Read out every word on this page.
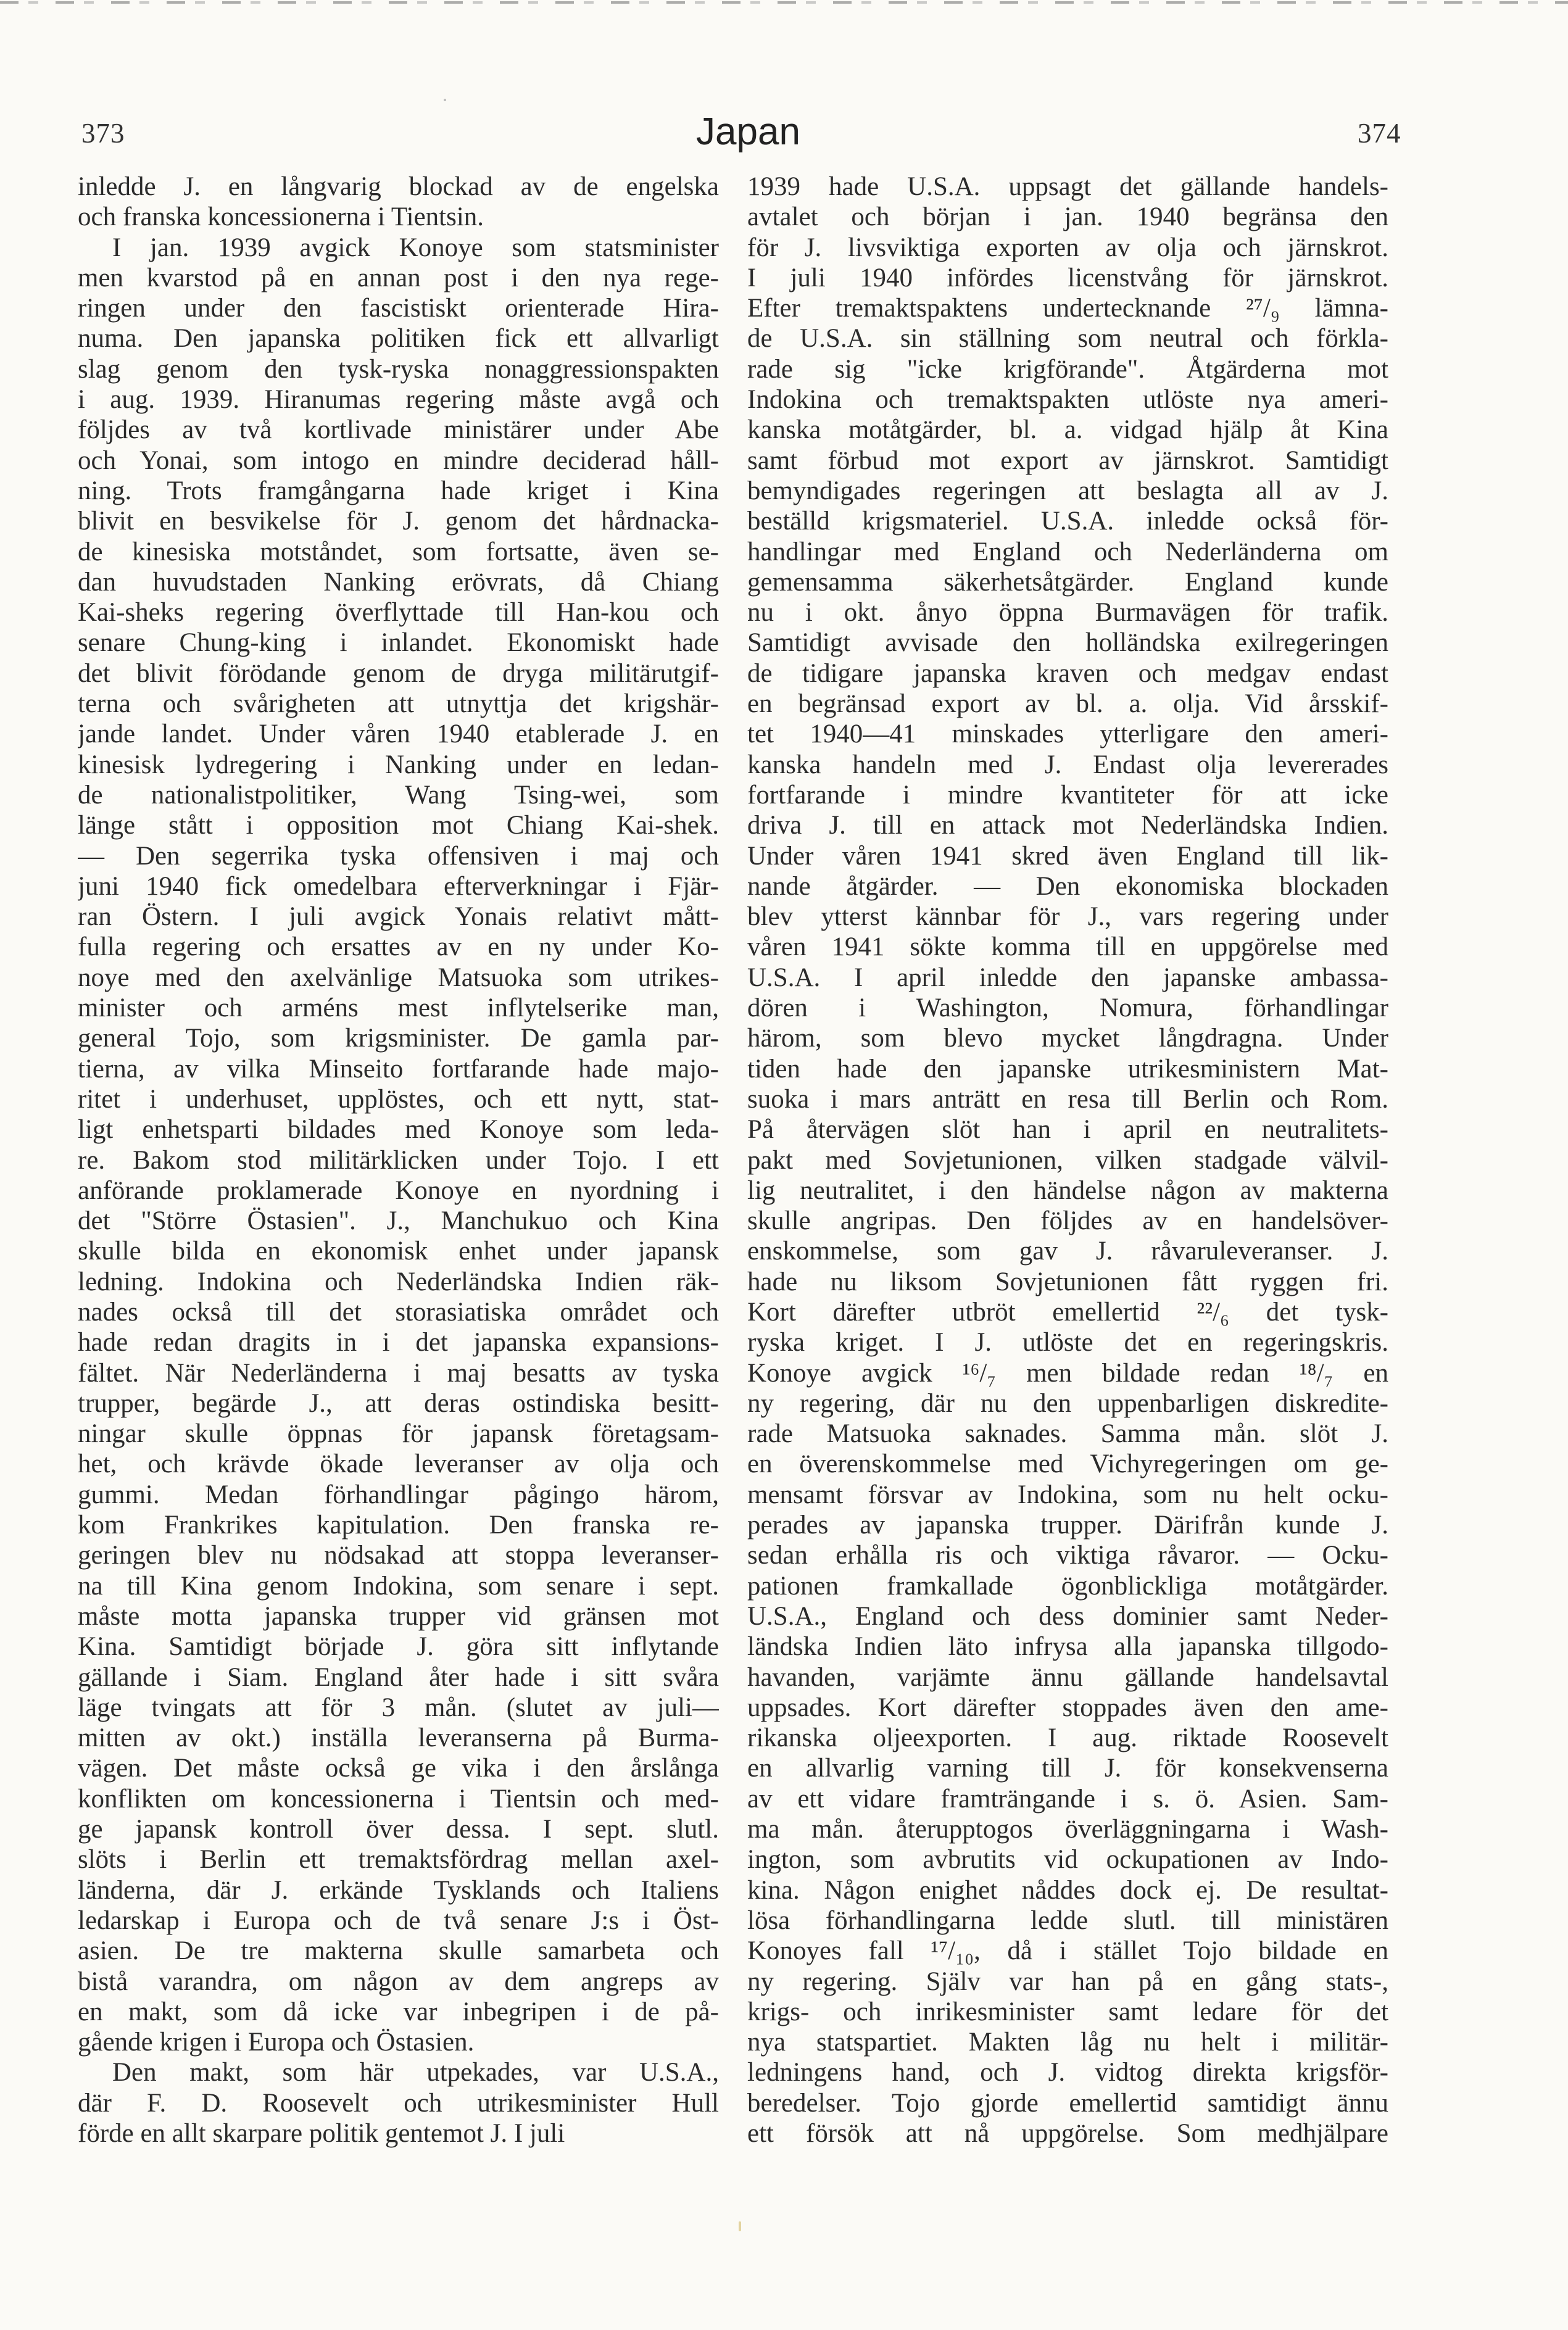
373	Japan	374
inledde J. en långvarig blockad av de engelska
och franska koncessionerna i Tientsin.
I jan. 1939 avgick Konoye som statsminister
men kvarstod på en annan post i den nya rege-
ringen under den fascistiskt orienterade Hira-
numa. Den japanska politiken fick ett allvarligt
slag genom den tysk-ryska nonaggressionspakten
i aug. 1939. Hiranumas regering måste avgå och
följdes av två kortlivade ministärer under Abe
och Yonai, som intogo en mindre deciderad håll-
ning. Trots framgångarna hade kriget i Kina
blivit en besvikelse för J. genom det hårdnacka-
de kinesiska motståndet, som fortsatte, även se-
dan huvudstaden Nanking erövrats, då Chiang
Kai-sheks regering överflyttade till Han-kou och
senare Chung-king i inlandet. Ekonomiskt hade
det blivit förödande genom de dryga militärutgif-
terna och svårigheten att utnyttja det krigshär-
jande landet. Under våren 1940 etablerade J. en
kinesisk lydregering i Nanking under en ledan-
de nationalistpolitiker, Wang Tsing-wei, som
länge stått i opposition mot Chiang Kai-shek.
— Den segerrika tyska offensiven i maj och
juni 1940 fick omedelbara efterverkningar i Fjär-
ran Östern. I juli avgick Yonais relativt mått-
fulla regering och ersattes av en ny under Ko-
noye med den axelvänlige Matsuoka som utrikes-
minister och arméns mest inflytelserike man,
general Tojo, som krigsminister. De gamla par-
tierna, av vilka Minseito fortfarande hade majo-
ritet i underhuset, upplöstes, och ett nytt, stat-
ligt enhetsparti bildades med Konoye som ledа-
re. Bakom stod militärklicken under Tojo. I ett
anförande proklamerade Konoye en nyordning i
det "Större Östasien". J., Manchukuo och Kina
skulle bilda en ekonomisk enhet under japansk
ledning. Indokina och Nederländska Indien räk-
nades också till det storasiatiska området och
hade redan dragits in i det japanska expansions-
fältet. När Nederländerna i maj besatts av tyska
trupper, begärde J., att deras ostindiska besitt-
ningar skulle öppnas för japansk företagsam-
het, och krävde ökade leveranser av olja och
gummi. Medan förhandlingar pågingo härom,
kom Frankrikes kapitulation. Den franska re-
geringen blev nu nödsakad att stoppa leveranser-
na till Kina genom Indokina, som senare i sept.
måste motta japanska trupper vid gränsen mot
Kina. Samtidigt började J. göra sitt inflytande
gällande i Siam. England åter hade i sitt svåra
läge tvingats att för 3 mån. (slutet av juli—
mitten av okt.) inställa leveranserna på Burma-
vägen. Det måste också ge vika i den årslånga
konflikten om koncessionerna i Tientsin och med-
ge japansk kontroll över dessa. I sept. slutl.
slöts i Berlin ett tremaktsfördrag mellan axel-
länderna, där J. erkände Tysklands och Italiens
ledarskap i Europa och de två senare J:s i Öst-
asien. De tre makterna skulle samarbeta och
bistå varandra, om någon av dem angreps av
en makt, som då icke var inbegripen i de på-
gående krigen i Europa och Östasien.
Den makt, som här utpekades, var U.S.A.,
där F. D. Roosevelt och utrikesminister Hull
förde en allt skarpare politik gentemot J. I juli
1939 hade U.S.A. uppsagt det gällande handels-
avtalet och början i jan. 1940 begränsa den
för J. livsviktiga exporten av olja och järnskrot.
I juli 1940 infördes licenstvång för järnskrot.
Efter tremaktspaktens undertecknande ²⁷/₉ lämna-
de U.S.A. sin ställning som neutral och förkla-
rade sig "icke krigförande". Åtgärderna mot
Indokina och tremaktspakten utlöste nya ameri-
kanska motåtgärder, bl. a. vidgad hjälp åt Kina
samt förbud mot export av järnskrot. Samtidigt
bemyndigades regeringen att beslagta all av J.
beställd krigsmateriel. U.S.A. inledde också för-
handlingar med England och Nederländerna om
gemensamma säkerhetsåtgärder. England kunde
nu i okt. ånyo öppna Burmavägen för trafik.
Samtidigt avvisade den holländska exilregeringen
de tidigare japanska kraven och medgav endast
en begränsad export av bl. a. olja. Vid årsskif-
tet 1940—41 minskades ytterligare den ameri-
kanska handeln med J. Endast olja levererades
fortfarande i mindre kvantiteter för att icke
driva J. till en attack mot Nederländska Indien.
Under våren 1941 skred även England till lik-
nande åtgärder. — Den ekonomiska blockaden
blev ytterst kännbar för J., vars regering under
våren 1941 sökte komma till en uppgörelse med
U.S.A. I april inledde den japanske ambassa-
dören i Washington, Nomura, förhandlingar
härom, som blevo mycket långdragna. Under
tiden hade den japanske utrikesministern Mat-
suoka i mars anträtt en resa till Berlin och Rom.
På återvägen slöt han i april en neutralitets-
pakt med Sovjetunionen, vilken stadgade välvil-
lig neutralitet, i den händelse någon av makterna
skulle angripas. Den följdes av en handelsöver-
enskommelse, som gav J. råvaruleveranser. J.
hade nu liksom Sovjetunionen fått ryggen fri.
Kort därefter utbröt emellertid ²²/₆ det tysk-
ryska kriget. I J. utlöste det en regeringskris.
Konoye avgick ¹⁶/₇ men bildade redan ¹⁸/₇ en
ny regering, där nu den uppenbarligen diskredite-
rade Matsuoka saknades. Samma mån. slöt J.
en överenskommelse med Vichyregeringen om ge-
mensamt försvar av Indokina, som nu helt ocku-
perades av japanska trupper. Därifrån kunde J.
sedan erhålla ris och viktiga råvaror. — Ocku-
pationen framkallade ögonblickliga motåtgärder.
U.S.A., England och dess dominier samt Neder-
ländska Indien läto infrysa alla japanska tillgodo-
havanden, varjämte ännu gällande handelsavtal
uppsades. Kort därefter stoppades även den ame-
rikanska oljeexporten. I aug. riktade Roosevelt
en allvarlig varning till J. för konsekvenserna
av ett vidare framträngande i s. ö. Asien. Sam-
ma mån. återupptogos överläggningarna i Wash-
ington, som avbrutits vid ockupationen av Indo-
kina. Någon enighet nåddes dock ej. De resultat-
lösa förhandlingarna ledde slutl. till ministären
Konoyes fall ¹⁷/₁₀, då i stället Tojo bildade en
ny regering. Själv var han på en gång stats-,
krigs- och inrikesminister samt ledare för det
nya statspartiet. Makten låg nu helt i militär-
ledningens hand, och J. vidtog direkta krigsför-
beredelser. Tojo gjorde emellertid samtidigt ännu
ett försök att nå uppgörelse. Som medhjälpare
